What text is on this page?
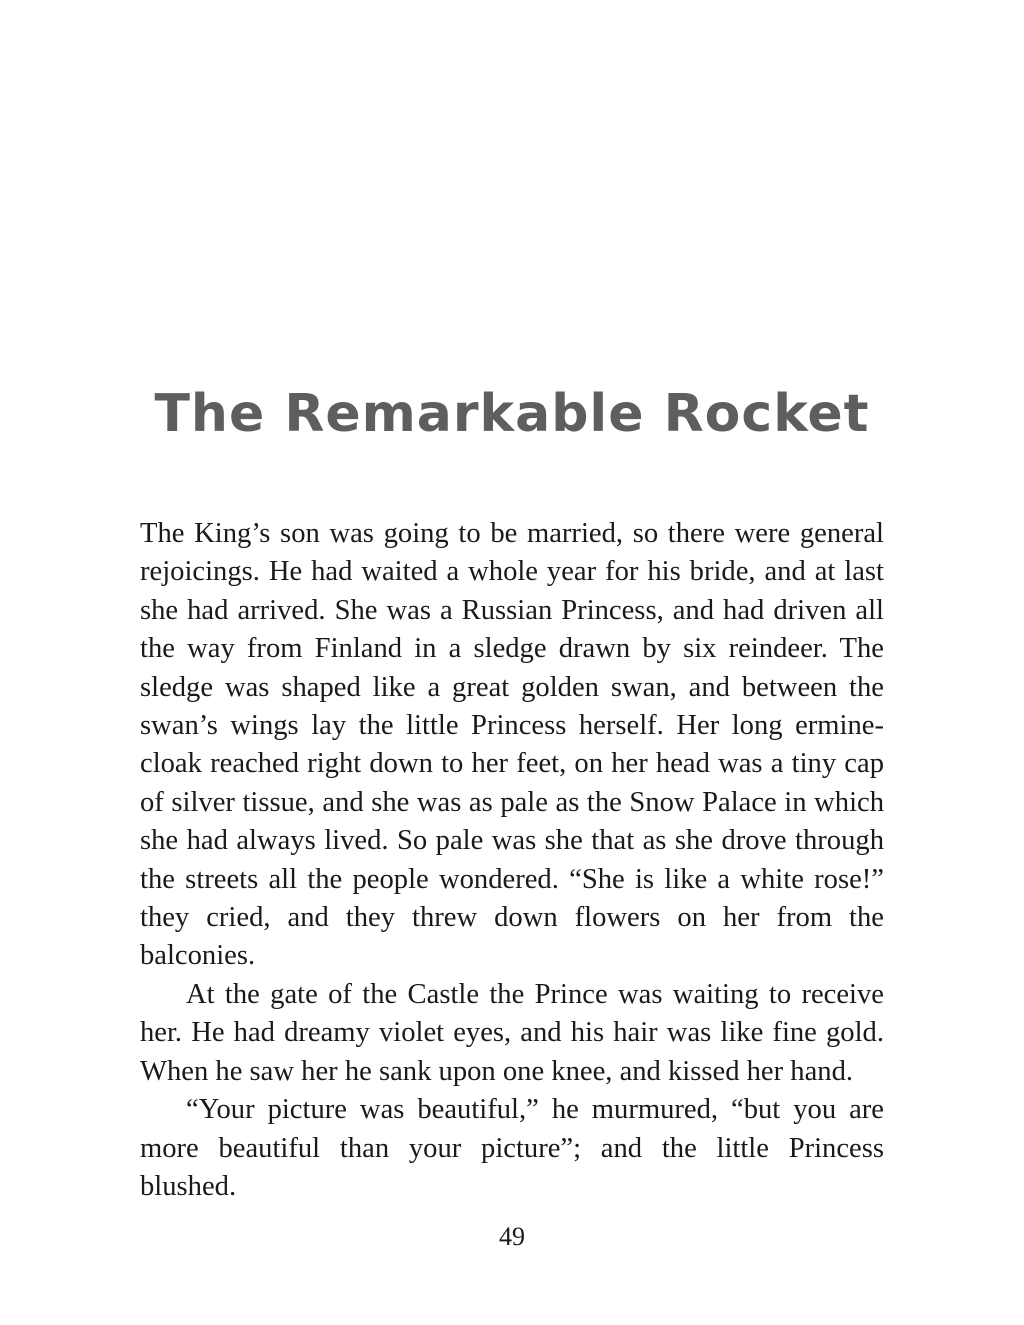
The Remarkable Rocket

The King’s son was going to be married, so there were general rejoicings. He had waited a whole year for his bride, and at last she had arrived. She was a Russian Princess, and had driven all the way from Finland in a sledge drawn by six reindeer. The sledge was shaped like a great golden swan, and between the swan’s wings lay the little Princess herself. Her long ermine-cloak reached right down to her feet, on her head was a tiny cap of silver tissue, and she was as pale as the Snow Palace in which she had always lived. So pale was she that as she drove through the streets all the people wondered. “She is like a white rose!” they cried, and they threw down flowers on her from the balconies.

At the gate of the Castle the Prince was waiting to receive her. He had dreamy violet eyes, and his hair was like fine gold. When he saw her he sank upon one knee, and kissed her hand.

“Your picture was beautiful,” he murmured, “but you are more beautiful than your picture”; and the little Princess blushed.

49
